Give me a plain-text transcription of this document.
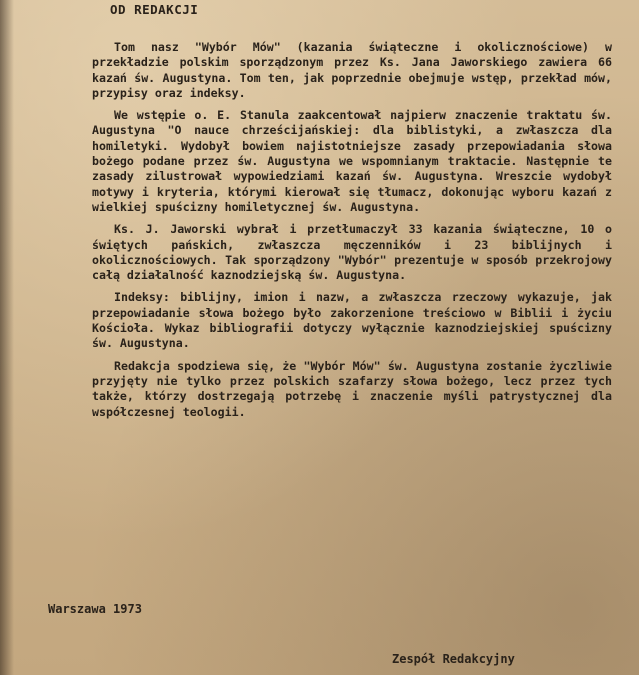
OD REDAKCJI

Tom nasz "Wybór Mów" (kazania świąteczne i okolicznościowe) w przekładzie polskim sporządzonym przez Ks. Jana Jaworskiego zawiera 66 kazań św. Augustyna. Tom ten, jak poprzednie obejmuje wstęp, przekład mów, przypisy oraz indeksy.

We wstępie o. E. Stanula zaakcentował najpierw znaczenie traktatu św. Augustyna "O nauce chrześcijańskiej: dla biblistyki, a zwłaszcza dla homiletyki. Wydobył bowiem najistotniejsze zasady przepowiadania słowa bożego podane przez św. Augustyna we wspomnianym traktacie. Następnie te zasady zilustrował wypowiedziami kazań św. Augustyna. Wreszcie wydobył motywy i kryteria, którymi kierował się tłumacz, dokonując wyboru kazań z wielkiej spuścizny homiletycznej św. Augustyna.

Ks. J. Jaworski wybrał i przetłumaczył 33 kazania świąteczne, 10 o świętych pańskich, zwłaszcza męczenników i 23 biblijnych i okolicznościowych. Tak sporządzony "Wybór" prezentuje w sposób przekrojowy całą działalność kaznodziejską św. Augustyna.

Indeksy: biblijny, imion i nazw, a zwłaszcza rzeczowy wykazuje, jak przepowiadanie słowa bożego było zakorzenione treściowo w Biblii i życiu Kościoła. Wykaz bibliografii dotyczy wyłącznie kaznodziejskiej spuścizny św. Augustyna.

Redakcja spodziewa się, że "Wybór Mów" św. Augustyna zostanie życzliwie przyjęty nie tylko przez polskich szafarzy słowa bożego, lecz przez tych także, którzy dostrzegają potrzebę i znaczenie myśli patrystycznej dla współczesnej teologii.

Warszawa 1973
Zespół Redakcyjny
